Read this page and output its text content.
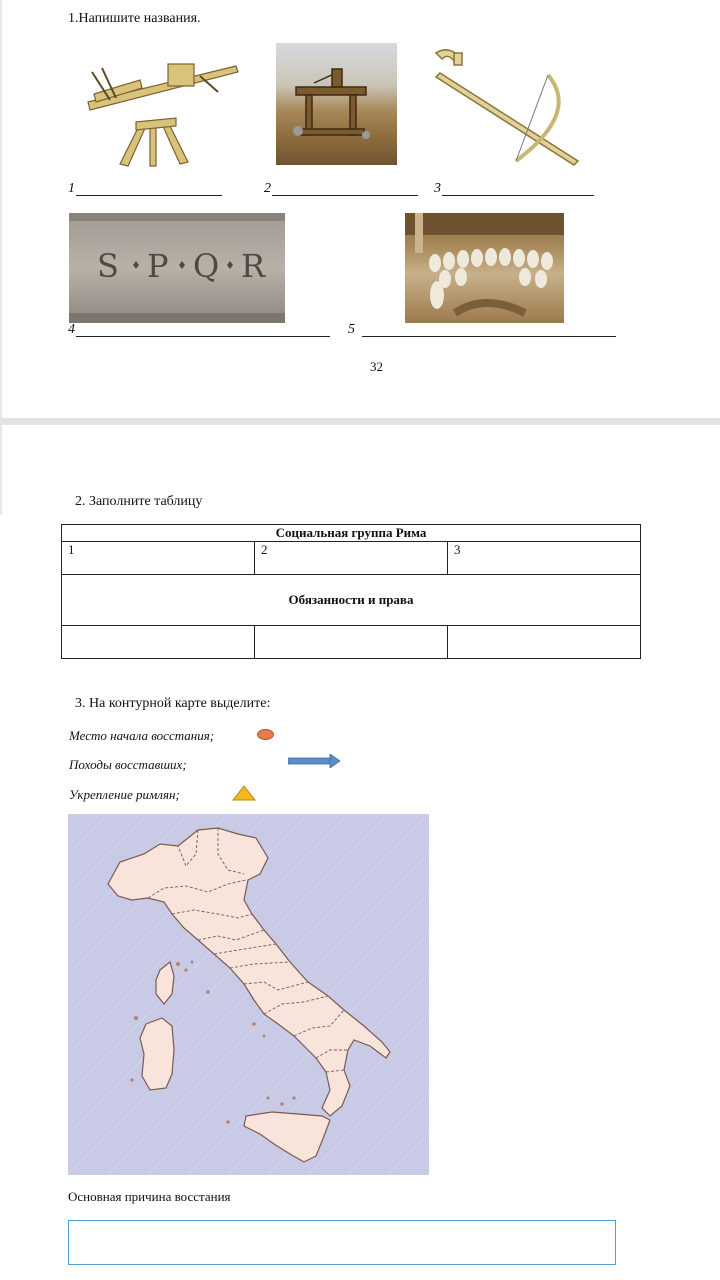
1.Напишите названия.
1	2	3
S P Q R
4	5
32
2. Заполните таблицу
Социальная группа Рима		
1	2	3
Обязанности и права		

3. На контурной карте выделите:
Место начала восстания;
Походы восставших;
Укрепление римлян;
Основная причина восстания
